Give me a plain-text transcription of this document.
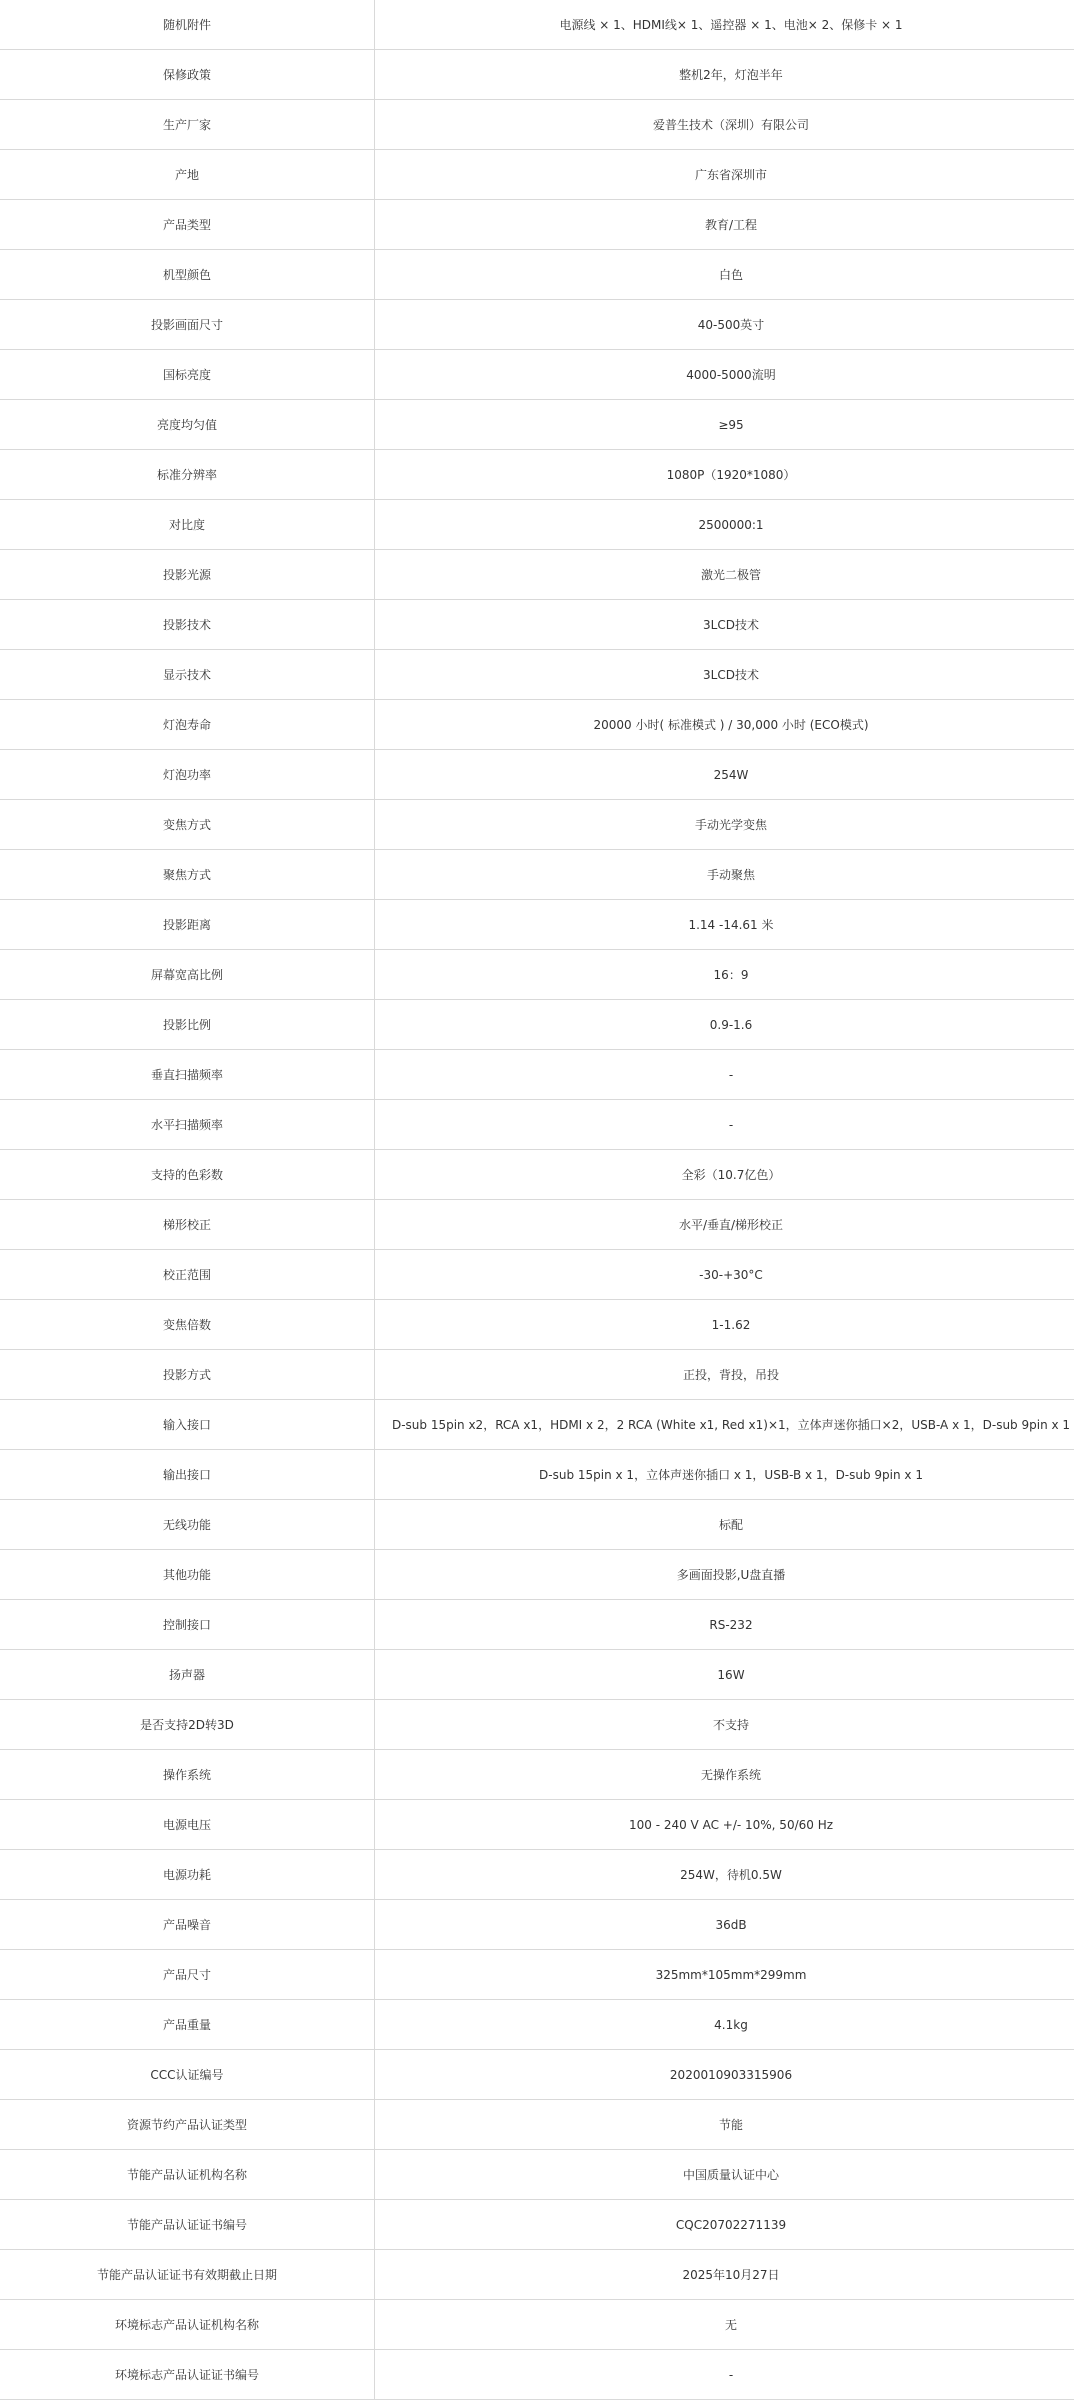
随机附件	电源线 × 1、HDMI线× 1、遥控器 × 1、电池× 2、保修卡 × 1
保修政策	整机2年，灯泡半年
生产厂家	爱普生技术（深圳）有限公司
产地	广东省深圳市
产品类型	教育/工程
机型颜色	白色
投影画面尺寸	40-500英寸
国标亮度	4000-5000流明
亮度均匀值	≥95
标准分辨率	1080P（1920*1080）
对比度	2500000:1
投影光源	激光二极管
投影技术	3LCD技术
显示技术	3LCD技术
灯泡寿命	20000 小时( 标准模式 ) / 30,000 小时 (ECO模式)
灯泡功率	254W
变焦方式	手动光学变焦
聚焦方式	手动聚焦
投影距离	1.14 -14.61 米
屏幕宽高比例	16：9
投影比例	0.9-1.6
垂直扫描频率	-
水平扫描频率	-
支持的色彩数	全彩（10.7亿色）
梯形校正	水平/垂直/梯形校正
校正范围	-30-+30°C
变焦倍数	1-1.62
投影方式	正投，背投，吊投
输入接口	D-sub 15pin x2，RCA x1，HDMI x 2，2 RCA (White x1, Red x1)×1，立体声迷你插口×2，USB-A x 1，D-sub 9pin x 1
输出接口	D-sub 15pin x 1，立体声迷你插口 x 1，USB-B x 1，D-sub 9pin x 1
无线功能	标配
其他功能	多画面投影,U盘直播
控制接口	RS-232
扬声器	16W
是否支持2D转3D	不支持
操作系统	无操作系统
电源电压	100 - 240 V AC +/- 10%, 50/60 Hz
电源功耗	254W，待机0.5W
产品噪音	36dB
产品尺寸	325mm*105mm*299mm
产品重量	4.1kg
CCC认证编号	2020010903315906
资源节约产品认证类型	节能
节能产品认证机构名称	中国质量认证中心
节能产品认证证书编号	CQC20702271139
节能产品认证证书有效期截止日期	2025年10月27日
环境标志产品认证机构名称	无
环境标志产品认证证书编号	-
